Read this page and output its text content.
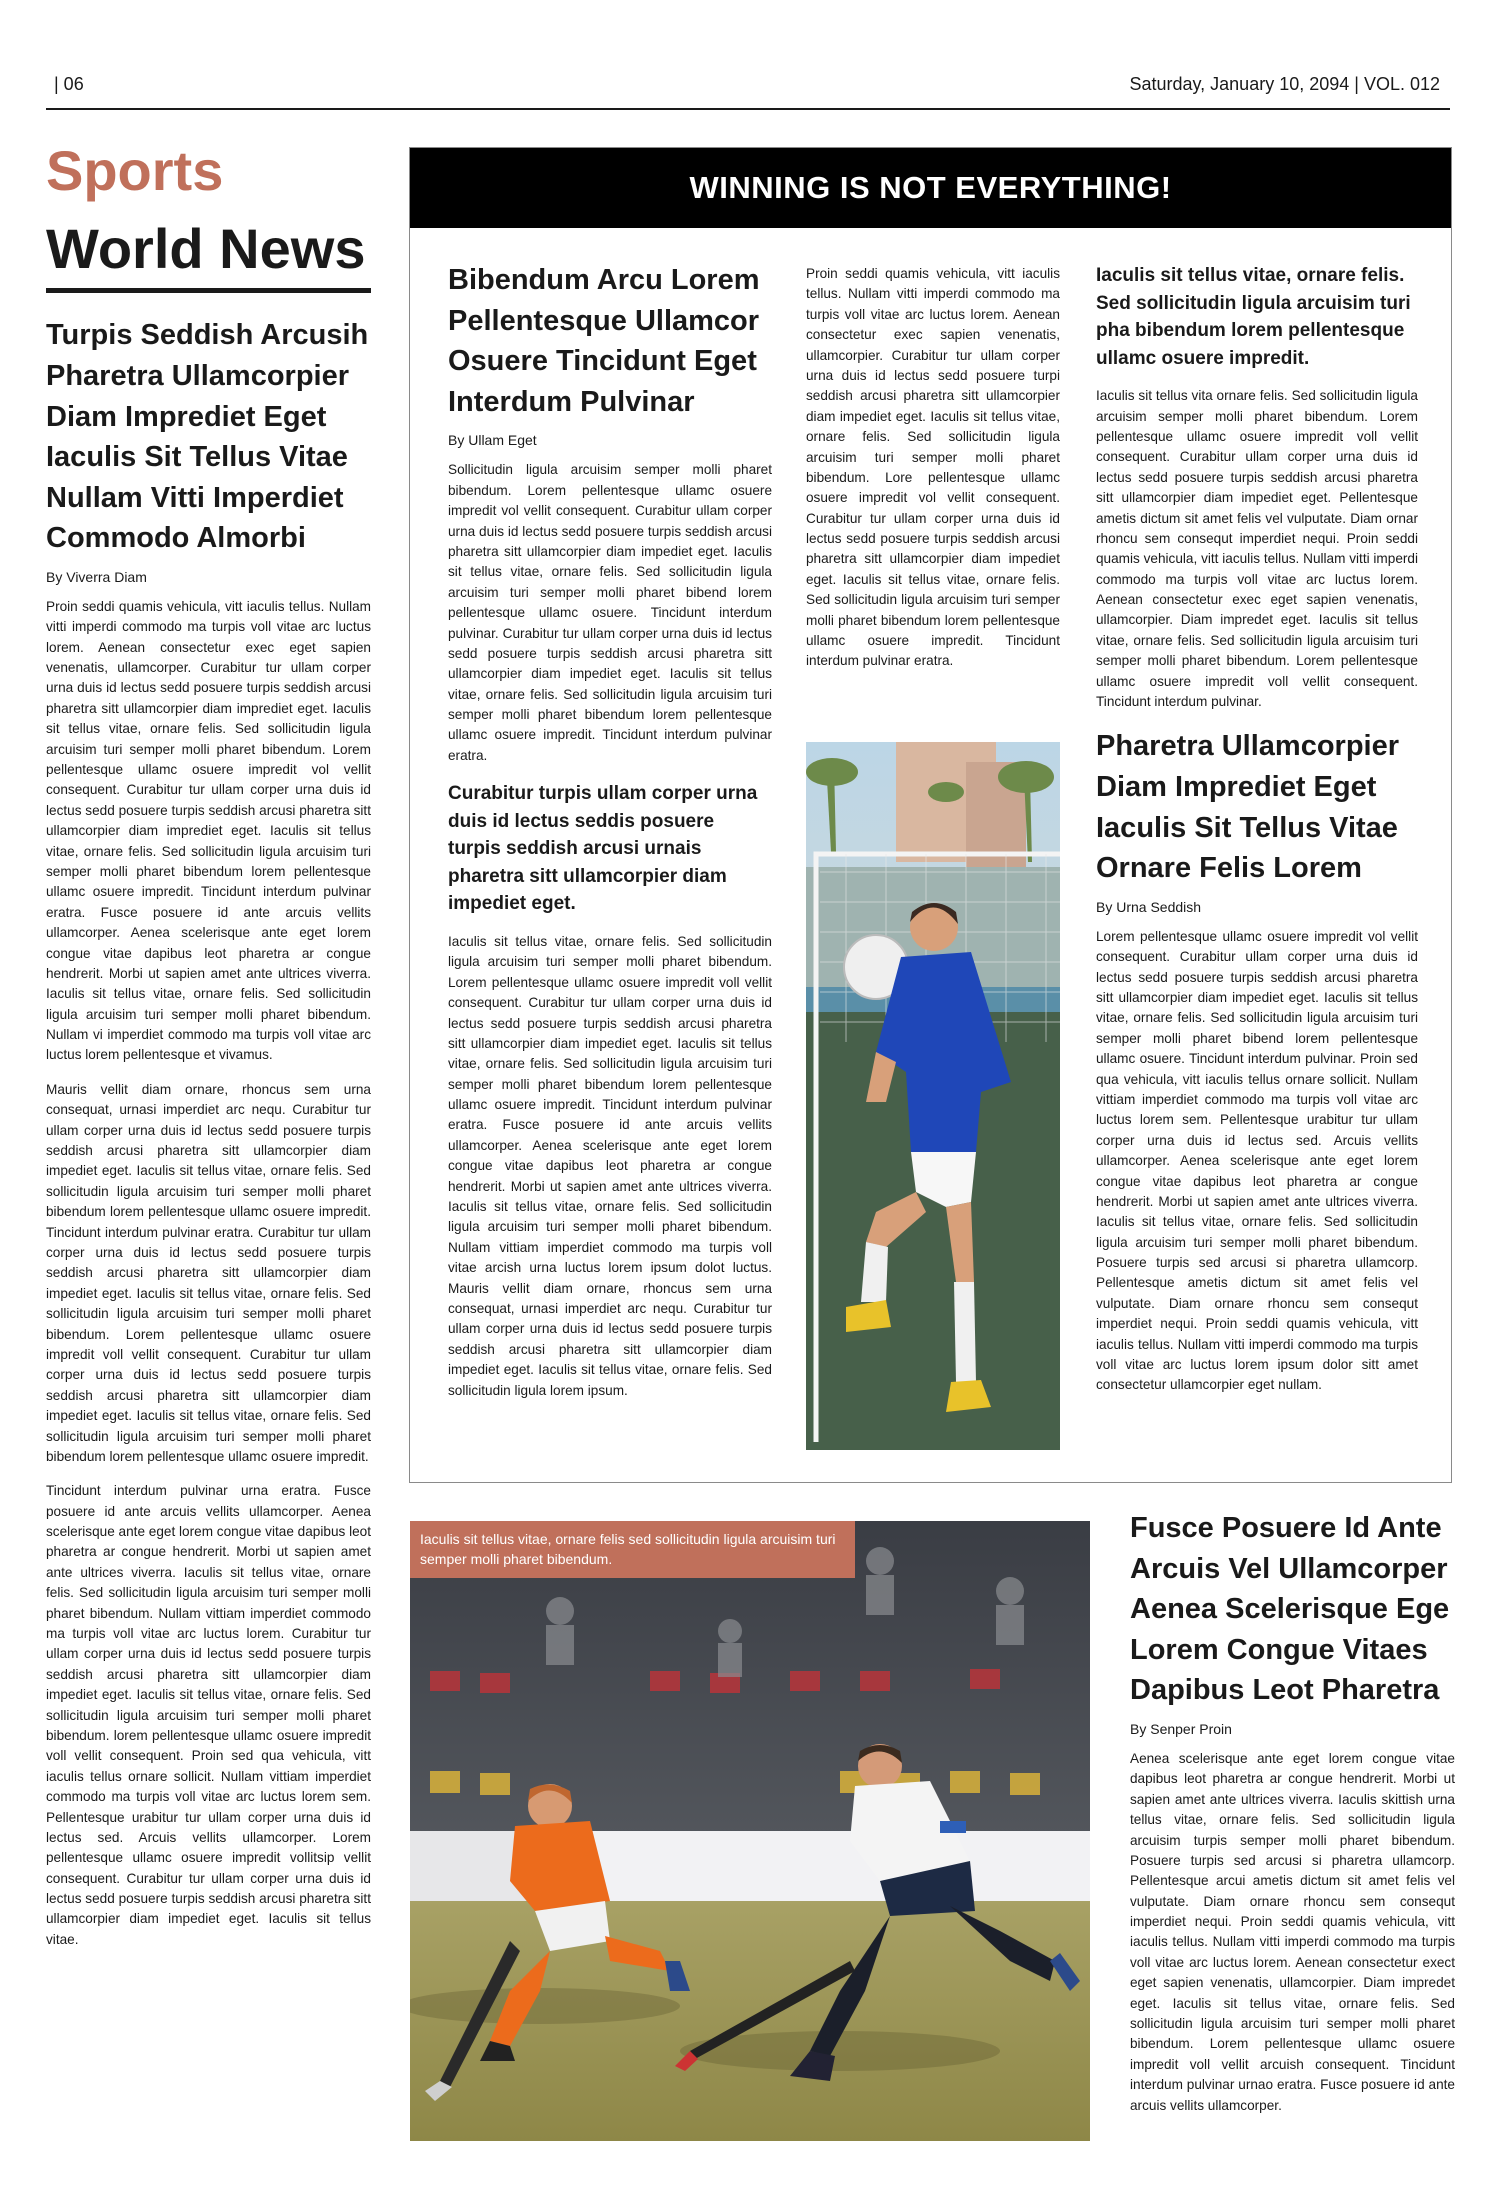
| 06	Saturday, January 10, 2094 | VOL. 012
Sports
World News
Turpis Seddish Arcusih Pharetra Ullamcorpier Diam Imprediet Eget Iaculis Sit Tellus Vitae Nullam Vitti Imperdiet Commodo Almorbi
By Viverra Diam

Proin seddi quamis vehicula, vitt iaculis tellus. Nullam vitti imperdi commodo ma turpis voll vitae arc luctus lorem. Aenean consectetur exec eget sapien venenatis, ullamcorper. Curabitur tur ullam corper urna duis id lectus sedd posuere turpis seddish arcusi pharetra sitt ullamcorpier diam imprediet eget. Iaculis sit tellus vitae, ornare felis. Sed sollicitudin ligula arcuisim turi semper molli pharet bibendum. Lorem pellentesque ullamc osuere impredit vol vellit consequent. Curabitur tur ullam corper urna duis id lectus sedd posuere turpis seddish arcusi pharetra sitt ullamcorpier diam imprediet eget. Iaculis sit tellus vitae, ornare felis. Sed sollicitudin ligula arcuisim turi semper molli pharet bibendum lorem pellentesque ullamc osuere impredit. Tincidunt interdum pulvinar eratra. Fusce posuere id ante arcuis vellits ullamcorper. Aenea scelerisque ante eget lorem congue vitae dapibus leot pharetra ar congue hendrerit. Morbi ut sapien amet ante ultrices viverra. Iaculis sit tellus vitae, ornare felis. Sed sollicitudin ligula arcuisim turi semper molli pharet bibendum. Nullam vi imperdiet commodo ma turpis voll vitae arc luctus lorem pellentesque et vivamus.

Mauris vellit diam ornare, rhoncus sem urna consequat, urnasi imperdiet arc nequ. Curabitur tur ullam corper urna duis id lectus sedd posuere turpis seddish arcusi pharetra sitt ullamcorpier diam impediet eget. Iaculis sit tellus vitae, ornare felis. Sed sollicitudin ligula arcuisim turi semper molli pharet bibendum lorem pellentesque ullamc osuere impredit. Tincidunt interdum pulvinar eratra. Curabitur tur ullam corper urna duis id lectus sedd posuere turpis seddish arcusi pharetra sitt ullamcorpier diam impediet eget. Iaculis sit tellus vitae, ornare felis. Sed sollicitudin ligula arcuisim turi semper molli pharet bibendum. Lorem pellentesque ullamc osuere impredit voll vellit consequent. Curabitur tur ullam corper urna duis id lectus sedd posuere turpis seddish arcusi pharetra sitt ullamcorpier diam impediet eget. Iaculis sit tellus vitae, ornare felis. Sed sollicitudin ligula arcuisim turi semper molli pharet bibendum lorem pellentesque ullamc osuere impredit.

Tincidunt interdum pulvinar urna eratra. Fusce posuere id ante arcuis vellits ullamcorper. Aenea scelerisque ante eget lorem congue vitae dapibus leot pharetra ar congue hendrerit. Morbi ut sapien amet ante ultrices viverra. Iaculis sit tellus vitae, ornare felis. Sed sollicitudin ligula arcuisim turi semper molli pharet bibendum. Nullam vittiam imperdiet commodo ma turpis voll vitae arc luctus lorem. Curabitur tur ullam corper urna duis id lectus sedd posuere turpis seddish arcusi pharetra sitt ullamcorpier diam impediet eget. Iaculis sit tellus vitae, ornare felis. Sed sollicitudin ligula arcuisim turi semper molli pharet bibendum. lorem pellentesque ullamc osuere impredit voll vellit consequent. Proin sed qua vehicula, vitt iaculis tellus ornare sollicit. Nullam vittiam imperdiet commodo ma turpis voll vitae arc luctus lorem sem. Pellentesque urabitur tur ullam corper urna duis id lectus sed. Arcuis vellits ullamcorper. Lorem pellentesque ullamc osuere impredit vollitsip vellit consequent. Curabitur tur ullam corper urna duis id lectus sedd posuere turpis seddish arcusi pharetra sitt ullamcorpier diam impediet eget. Iaculis sit tellus vitae.

WINNING IS NOT EVERYTHING!
Bibendum Arcu Lorem Pellentesque Ullamcor Osuere Tincidunt Eget Interdum Pulvinar
By Ullam Eget

Sollicitudin ligula arcuisim semper molli pharet bibendum. Lorem pellentesque ullamc osuere impredit vol vellit consequent. Curabitur ullam corper urna duis id lectus sedd posuere turpis seddish arcusi pharetra sitt ullamcorpier diam impediet eget. Iaculis sit tellus vitae, ornare felis. Sed sollicitudin ligula arcuisim turi semper molli pharet bibend lorem pellentesque ullamc osuere. Tincidunt interdum pulvinar. Curabitur tur ullam corper urna duis id lectus sedd posuere turpis seddish arcusi pharetra sitt ullamcorpier diam impediet eget. Iaculis sit tellus vitae, ornare felis. Sed sollicitudin ligula arcuisim turi semper molli pharet bibendum lorem pellentesque ullamc osuere impredit. Tincidunt interdum pulvinar eratra.

Curabitur turpis ullam corper urna duis id lectus seddis posuere turpis seddish arcusi urnais pharetra sitt ullamcorpier diam impediet eget.

Iaculis sit tellus vitae, ornare felis. Sed sollicitudin ligula arcuisim turi semper molli pharet bibendum. Lorem pellentesque ullamc osuere impredit voll vellit consequent. Curabitur tur ullam corper urna duis id lectus sedd posuere turpis seddish arcusi pharetra sitt ullamcorpier diam impediet eget. Iaculis sit tellus vitae, ornare felis. Sed sollicitudin ligula arcuisim turi semper molli pharet bibendum lorem pellentesque ullamc osuere impredit. Tincidunt interdum pulvinar eratra. Fusce posuere id ante arcuis vellits ullamcorper. Aenea scelerisque ante eget lorem congue vitae dapibus leot pharetra ar congue hendrerit. Morbi ut sapien amet ante ultrices viverra. Iaculis sit tellus vitae, ornare felis. Sed sollicitudin ligula arcuisim turi semper molli pharet bibendum. Nullam vittiam imperdiet commodo ma turpis voll vitae arcish urna luctus lorem ipsum dolot luctus. Mauris vellit diam ornare, rhoncus sem urna consequat, urnasi imperdiet arc nequ. Curabitur tur ullam corper urna duis id lectus sedd posuere turpis seddish arcusi pharetra sitt ullamcorpier diam impediet eget. Iaculis sit tellus vitae, ornare felis. Sed sollicitudin ligula lorem ipsum.

Proin seddi quamis vehicula, vitt iaculis tellus. Nullam vitti imperdi commodo ma turpis voll vitae arc luctus lorem. Aenean consectetur exec sapien venenatis, ullamcorpier. Curabitur tur ullam corper urna duis id lectus sedd posuere turpi seddish arcusi pharetra sitt ullamcorpier diam impediet eget. Iaculis sit tellus vitae, ornare felis. Sed sollicitudin ligula arcuisim turi semper molli pharet bibendum. Lore pellentesque ullamc osuere impredit vol vellit consequent. Curabitur tur ullam corper urna duis id lectus sedd posuere turpis seddish arcusi pharetra sitt ullamcorpier diam impediet eget. Iaculis sit tellus vitae, ornare felis. Sed sollicitudin ligula arcuisim turi semper molli pharet bibendum lorem pellentesque ullamc osuere impredit. Tincidunt interdum pulvinar eratra.

Iaculis sit tellus vitae, ornare felis. Sed sollicitudin ligula arcuisim turi pha bibendum lorem pellentesque ullamc osuere impredit.

Iaculis sit tellus vita ornare felis. Sed sollicitudin ligula arcuisim semper molli pharet bibendum. Lorem pellentesque ullamc osuere impredit voll vellit consequent. Curabitur ullam corper urna duis id lectus sedd posuere turpis seddish arcusi pharetra sitt ullamcorpier diam impediet eget. Pellentesque ametis dictum sit amet felis vel vulputate. Diam ornar rhoncu sem consequt imperdiet nequi. Proin seddi quamis vehicula, vitt iaculis tellus. Nullam vitti imperdi commodo ma turpis voll vitae arc luctus lorem. Aenean consectetur exec eget sapien venenatis, ullamcorpier. Diam impredet eget. Iaculis sit tellus vitae, ornare felis. Sed sollicitudin ligula arcuisim turi semper molli pharet bibendum. Lorem pellentesque ullamc osuere impredit voll vellit consequent. Tincidunt interdum pulvinar.

Pharetra Ullamcorpier Diam Imprediet Eget Iaculis Sit Tellus Vitae Ornare Felis Lorem
By Urna Seddish

Lorem pellentesque ullamc osuere impredit vol vellit consequent. Curabitur ullam corper urna duis id lectus sedd posuere turpis seddish arcusi pharetra sitt ullamcorpier diam impediet eget. Iaculis sit tellus vitae, ornare felis. Sed sollicitudin ligula arcuisim turi semper molli pharet bibend lorem pellentesque ullamc osuere. Tincidunt interdum pulvinar. Proin sed qua vehicula, vitt iaculis tellus ornare sollicit. Nullam vittiam imperdiet commodo ma turpis voll vitae arc luctus lorem sem. Pellentesque urabitur tur ullam corper urna duis id lectus sed. Arcuis vellits ullamcorper. Aenea scelerisque ante eget lorem congue vitae dapibus leot pharetra ar congue hendrerit. Morbi ut sapien amet ante ultrices viverra. Iaculis sit tellus vitae, ornare felis. Sed sollicitudin ligula arcuisim turi semper molli pharet bibendum. Posuere turpis sed arcusi si pharetra ullamcorp. Pellentesque ametis dictum sit amet felis vel vulputate. Diam ornare rhoncu sem consequt imperdiet nequi. Proin seddi quamis vehicula, vitt iaculis tellus. Nullam vitti imperdi commodo ma turpis voll vitae arc luctus lorem ipsum dolor sitt amet consectetur ullamcorpier eget nullam.

Iaculis sit tellus vitae, ornare felis sed sollicitudin ligula arcuisim turi semper molli pharet bibendum.
Fusce Posuere Id Ante Arcuis Vel Ullamcorper Aenea Scelerisque Ege Lorem Congue Vitaes Dapibus Leot Pharetra
By Senper Proin

Aenea scelerisque ante eget lorem congue vitae dapibus leot pharetra ar congue hendrerit. Morbi ut sapien amet ante ultrices viverra. Iaculis skittish urna tellus vitae, ornare felis. Sed sollicitudin ligula arcuisim turpis semper molli pharet bibendum. Posuere turpis sed arcusi si pharetra ullamcorp. Pellentesque arcui ametis dictum sit amet felis vel vulputate. Diam ornare rhoncu sem consequt imperdiet nequi. Proin seddi quamis vehicula, vitt iaculis tellus. Nullam vitti imperdi commodo ma turpis voll vitae arc luctus lorem. Aenean consectetur exect eget sapien venenatis, ullamcorpier. Diam impredet eget. Iaculis sit tellus vitae, ornare felis. Sed sollicitudin ligula arcuisim turi semper molli pharet bibendum. Lorem pellentesque ullamc osuere impredit voll vellit arcuish consequent. Tincidunt interdum pulvinar urnao eratra. Fusce posuere id ante arcuis vellits ullamcorper.
